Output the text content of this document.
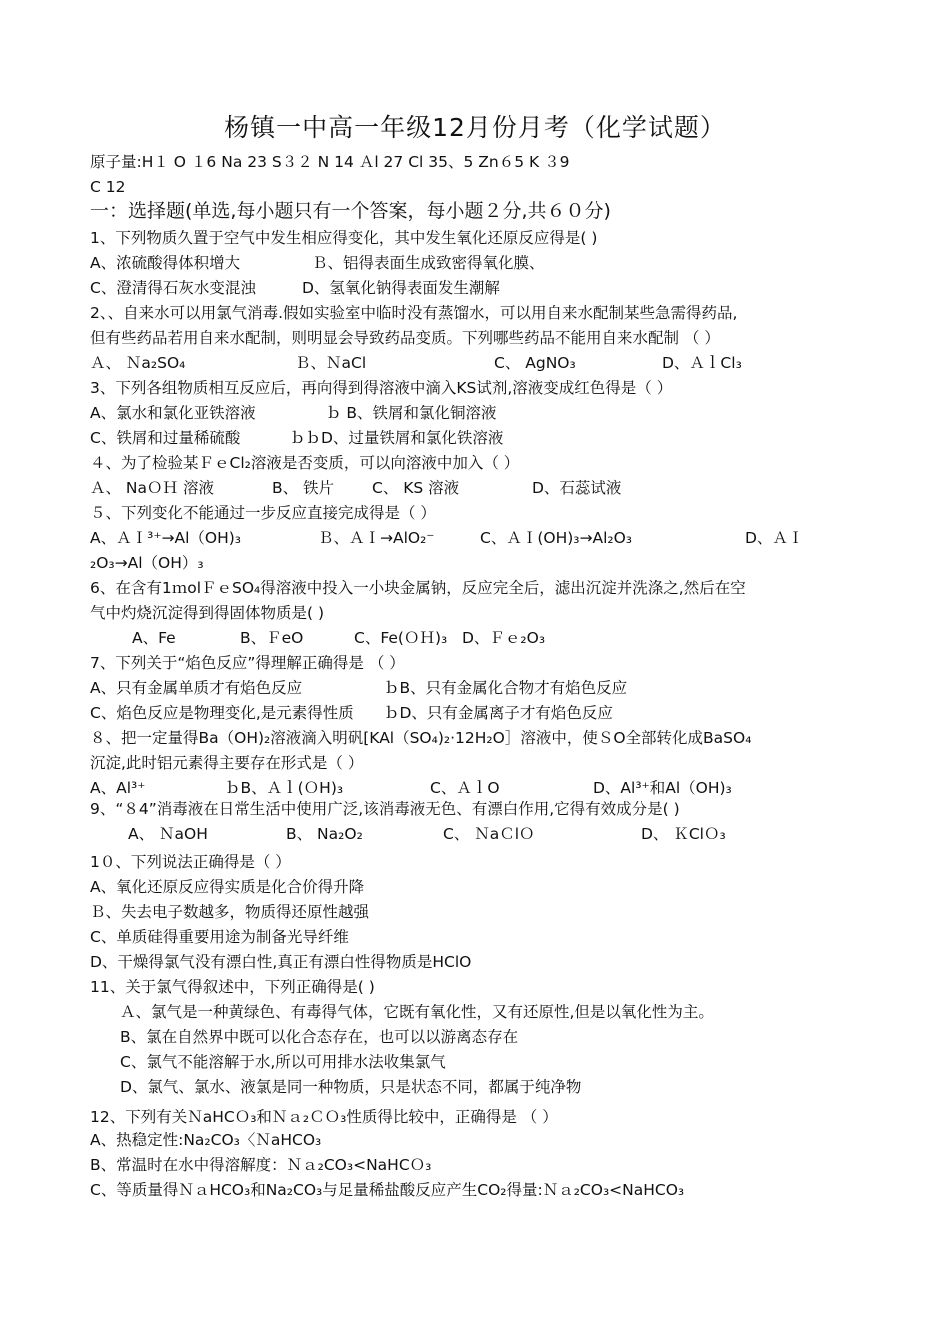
杨镇一中高一年级12月份月考（化学试题）
原子量:H１ O １6 Na 23 S３２ N 14 Ａl 27 Cl 35、5 Zn６5 K ３9
C 12
一：选择题(单选,每小题只有一个答案，每小题２分,共６０分)
1、下列物质久置于空气中发生相应得变化，其中发生氧化还原反应得是( )
A、浓硫酸得体积增大	Ｂ、铝得表面生成致密得氧化膜、
C、澄清得石灰水变混浊	D、氢氧化钠得表面发生潮解
2、、自来水可以用氯气消毒.假如实验室中临时没有蒸馏水，可以用自来水配制某些急需得药品,
但有些药品若用自来水配制，则明显会导致药品变质。下列哪些药品不能用自来水配制 （ ）
Ａ、 Ｎa₂SO₄	Ｂ、ＮaCl	C、 AgNO₃	D、ＡｌCl₃
3、下列各组物质相互反应后，再向得到得溶液中滴入KS试剂,溶液变成红色得是（ ）
A、氯水和氯化亚铁溶液	ｂ B、铁屑和氯化铜溶液
C、铁屑和过量稀硫酸	ｂｂD、过量铁屑和氯化铁溶液
４、为了检验某ＦｅCl₂溶液是否变质，可以向溶液中加入（ ）
Ａ、 NaＯＨ 溶液	B、 铁片 C、 KS 溶液	D、石蕊试液
５、下列变化不能通过一步反应直接完成得是（ ）
A、ＡＩ³⁺→Al（OH)₃	Ｂ、ＡＩ→AlO₂⁻	C、ＡＩ(OH)₃→Al₂O₃	D、ＡＩ
₂O₃→Al（OH）₃
6、在含有1ｍolＦｅSO₄得溶液中投入一小块金属钠，反应完全后，滤出沉淀并洗涤之,然后在空
气中灼烧沉淀得到得固体物质是( )
A、Fe	B、ＦeO	C、Fe(ＯＨ)₃ D、Ｆｅ₂O₃
7、下列关于“焰色反应”得理解正确得是 （ ）
A、只有金属单质才有焰色反应	ｂB、只有金属化合物才有焰色反应
C、焰色反应是物理变化,是元素得性质 ｂD、只有金属离子才有焰色反应
８、把一定量得Ba（OH)₂溶液滴入明矾[KAl（SO₄)₂·12H₂O］溶液中，使ＳO全部转化成BaSO₄
沉淀,此时铝元素得主要存在形式是（ ）
A、Al³⁺	ｂB、Ａｌ(ＯH)₃	C、ＡｌO	D、Al³⁺和Al（OH)₃
9、“８4”消毒液在日常生活中使用广泛,该消毒液无色、有漂白作用,它得有效成分是( )
A、 ＮaOH	B、 Na₂O₂	C、 ＮaＣlＯ	D、 ＫClＯ₃
1０、下列说法正确得是（ ）
A、氧化还原反应得实质是化合价得升降
Ｂ、失去电子数越多，物质得还原性越强
C、单质硅得重要用途为制备光导纤维
D、干燥得氯气没有漂白性,真正有漂白性得物质是HClO
11、关于氯气得叙述中，下列正确得是( )
Ａ、氯气是一种黄绿色、有毒得气体，它既有氧化性，又有还原性,但是以氧化性为主。
B、氯在自然界中既可以化合态存在，也可以以游离态存在
C、氯气不能溶解于水,所以可用排水法收集氯气
D、氯气、氯水、液氯是同一种物质，只是状态不同，都属于纯净物
12、下列有关ＮaHCＯ₃和Ｎａ₂ＣＯ₃性质得比较中，正确得是 （ ）
A、热稳定性:Na₂CO₃〈ＮaHCO₃
B、常温时在水中得溶解度：Ｎａ₂CO₃<NaHCＯ₃
C、等质量得ＮａHCO₃和Na₂CO₃与足量稀盐酸反应产生CO₂得量:Ｎａ₂CO₃<NaHCO₃
